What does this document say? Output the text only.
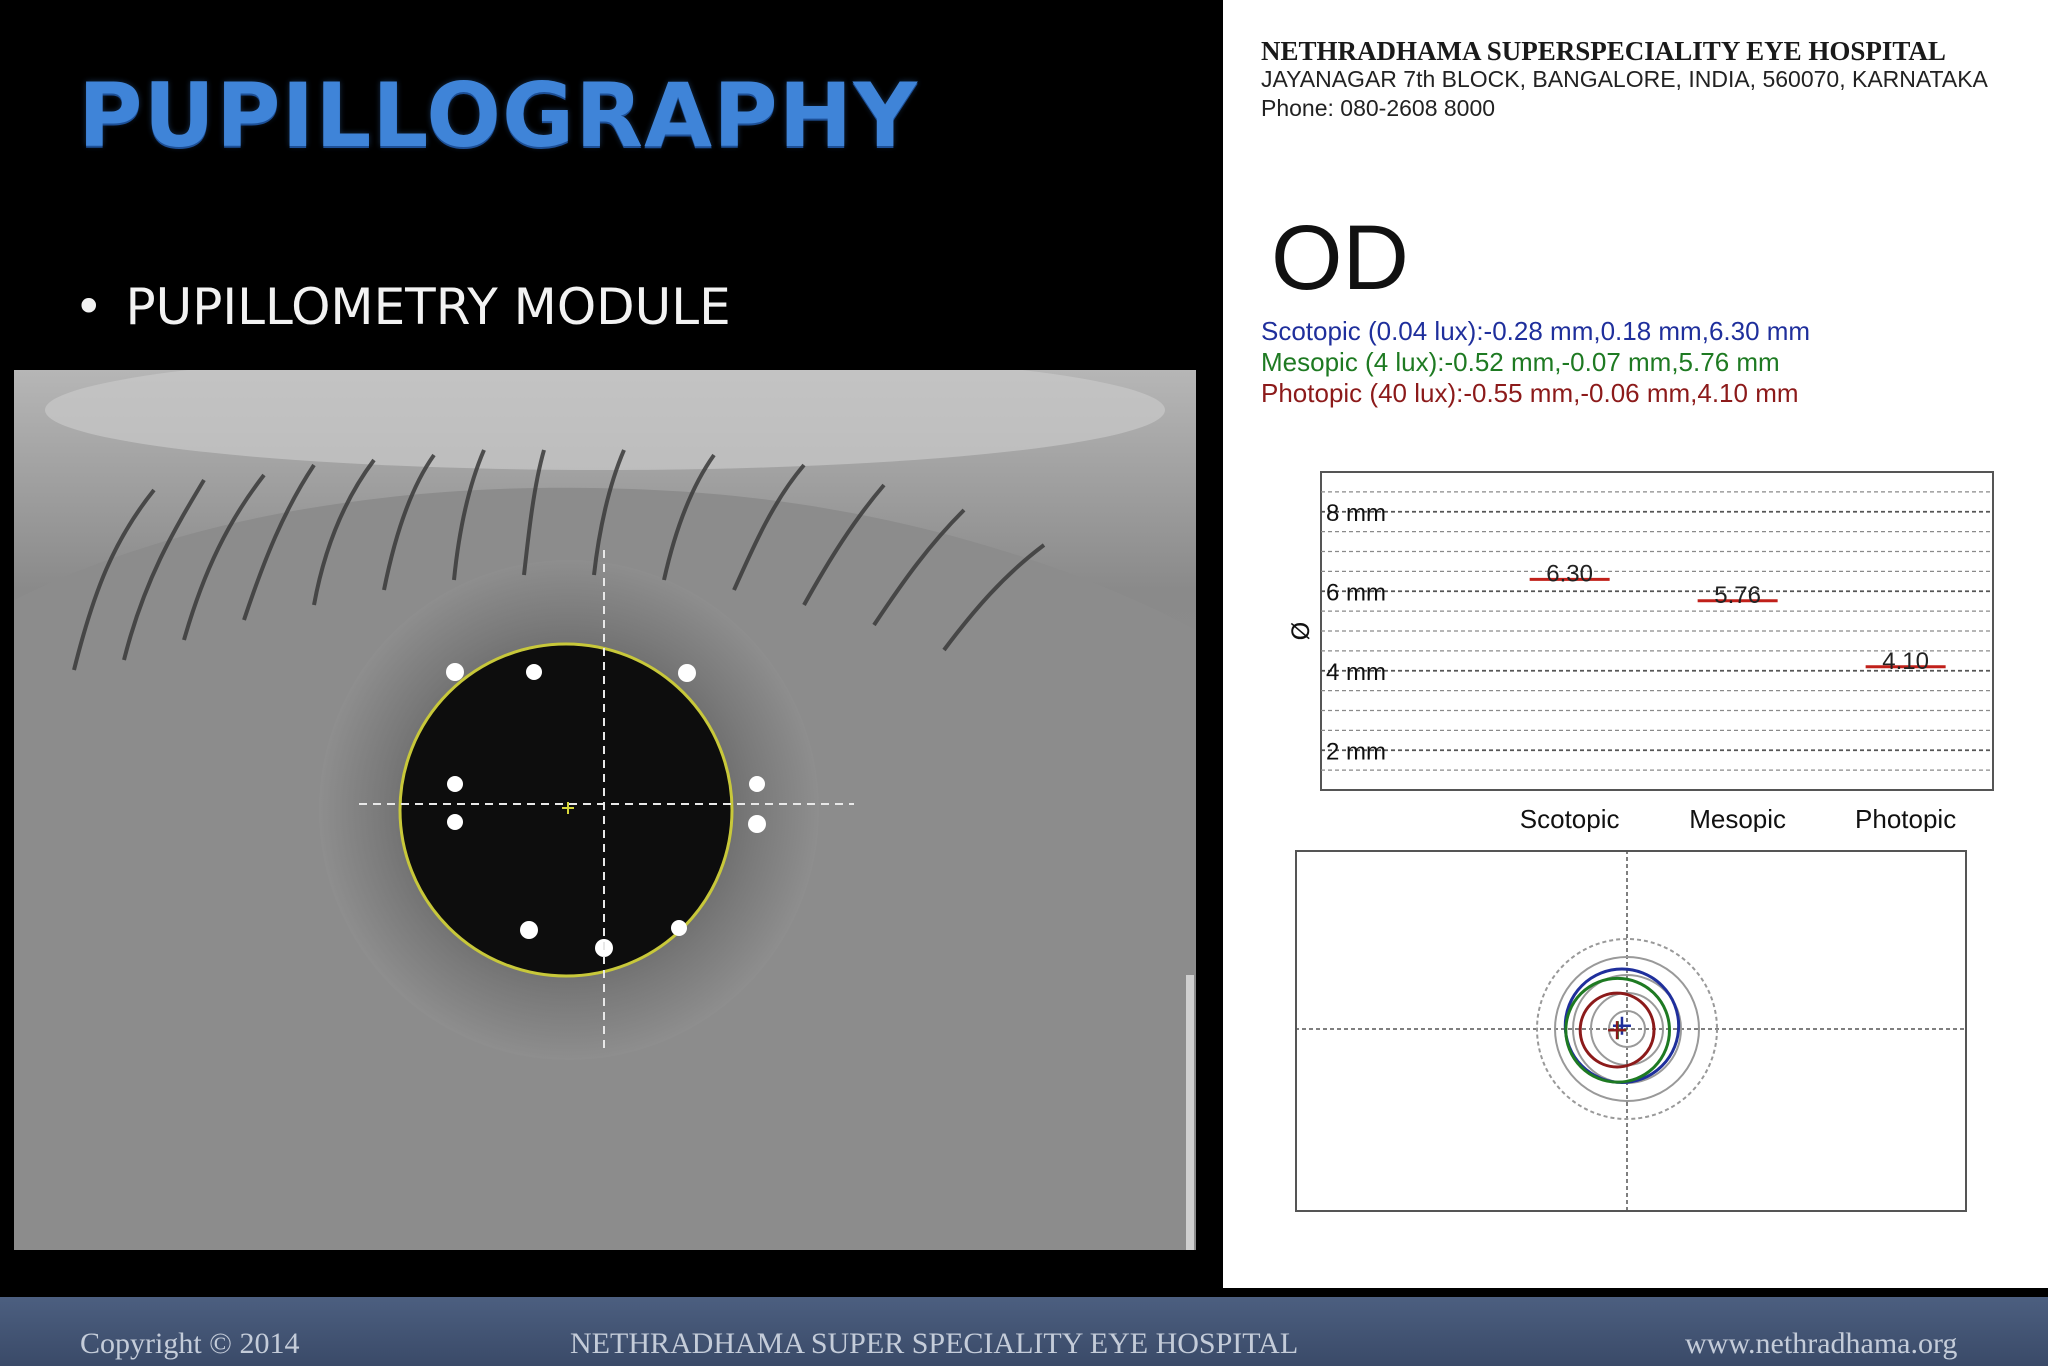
PUPILLOGRAPHY
• PUPILLOMETRY MODULE
NETHRADHAMA SUPERSPECIALITY EYE HOSPITAL
JAYANAGAR 7th BLOCK, BANGALORE, INDIA, 560070, KARNATAKA
Phone: 080-2608 8000
OD
Scotopic (0.04 lux):-0.28 mm,0.18 mm,6.30 mm
Mesopic (4 lux):-0.52 mm,-0.07 mm,5.76 mm
Photopic (40 lux):-0.55 mm,-0.06 mm,4.10 mm
2 mm
4 mm
6 mm
8 mm
Ø
Scotopic	Mesopic	Photopic
6.30
5.76
4.10
Copyright © 2014	NETHRADHAMA SUPER SPECIALITY EYE HOSPITAL	www.nethradhama.org
